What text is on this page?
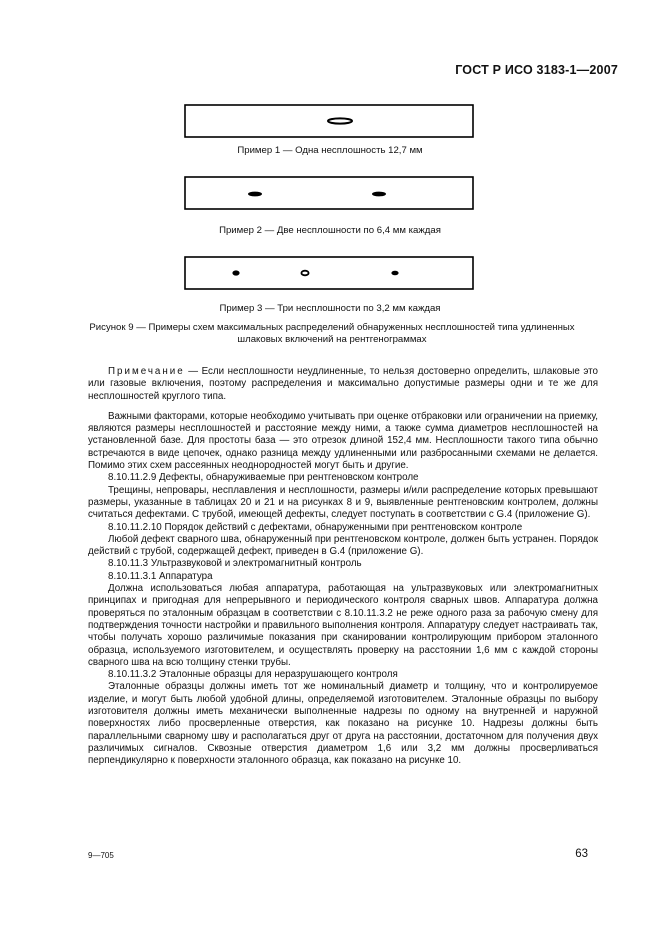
ГОСТ Р ИСО 3183-1—2007
Пример 1 — Одна несплошность 12,7 мм
Пример 2 — Две несплошности по 6,4 мм каждая
Пример 3 — Три несплошности по 3,2 мм каждая
Рисунок 9 — Примеры схем максимальных распределений обнаруженных несплошностей типа удлиненных
шлаковых включений на рентгенограммах

Примечание — Если несплошности неудлиненные, то нельзя достоверно определить, шлаковые это или газовые включения, поэтому распределения и максимально допустимые размеры одни и те же для несплошностей круглого типа.

Важными факторами, которые необходимо учитывать при оценке отбраковки или ограничении на приемку, являются размеры несплошностей и расстояние между ними, а также сумма диаметров несплошностей на установленной базе. Для простоты база — это отрезок длиной 152,4 мм. Несплошности такого типа обычно встречаются в виде цепочек, однако разница между удлиненными или разбросанными схемами не делается. Помимо этих схем рассеянных неоднородностей могут быть и другие.

8.10.11.2.9 Дефекты, обнаруживаемые при рентгеновском контроле

Трещины, непровары, несплавления и несплошности, размеры и/или распределение которых превышают размеры, указанные в таблицах 20 и 21 и на рисунках 8 и 9, выявленные рентгеновским контролем, должны считаться дефектами. С трубой, имеющей дефекты, следует поступать в соответствии с G.4 (приложение G).

8.10.11.2.10 Порядок действий с дефектами, обнаруженными при рентгеновском контроле

Любой дефект сварного шва, обнаруженный при рентгеновском контроле, должен быть устранен. Порядок действий с трубой, содержащей дефект, приведен в G.4 (приложение G).

8.10.11.3 Ультразвуковой и электромагнитный контроль

8.10.11.3.1 Аппаратура

Должна использоваться любая аппаратура, работающая на ультразвуковых или электромагнитных принципах и пригодная для непрерывного и периодического контроля сварных швов. Аппаратура должна проверяться по эталонным образцам в соответствии с 8.10.11.3.2 не реже одного раза за рабочую смену для подтверждения точности настройки и правильного выполнения контроля. Аппаратуру следует настраивать так, чтобы получать хорошо различимые показания при сканировании контролирующим прибором эталонного образца, используемого изготовителем, и осуществлять проверку на расстоянии 1,6 мм с каждой стороны сварного шва на всю толщину стенки трубы.

8.10.11.3.2 Эталонные образцы для неразрушающего контроля

Эталонные образцы должны иметь тот же номинальный диаметр и толщину, что и контролируемое изделие, и могут быть любой удобной длины, определяемой изготовителем. Эталонные образцы по выбору изготовителя должны иметь механически выполненные надрезы по одному на внутренней и наружной поверхностях либо просверленные отверстия, как показано на рисунке 10. Надрезы должны быть параллельными сварному шву и располагаться друг от друга на расстоянии, достаточном для получения двух различимых сигналов. Сквозные отверстия диаметром 1,6 или 3,2 мм должны просверливаться перпендикулярно к поверхности эталонного образца, как показано на рисунке 10.

9—705	63
